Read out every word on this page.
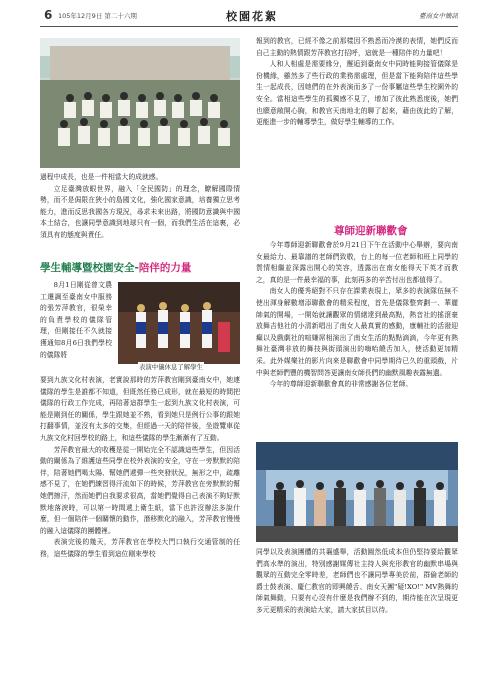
6 105年12月9日 第二十六期	校園花絮	臺南女中簡訊

過程中成長，也是一件相當大的成就感。

立足臺灣放眼世界，融入「全民國防」的理念，瞭解國際情勢，而不是侷限在狹小的島國文化，強化國家意識，培養獨立思考能力，進而反思我國各方現況，尋求未來出路，將國防意識與中國本土結合，也讓同學意識到地球只有一個，而我們生活在這裏，必須具有的態度與責任。

學生輔導暨校園安全-陪伴的力量

8月1日剛從曾文農工遷調至臺南女中服務的張芳萍教官，很榮幸的負責學校的儀隊管理，但剛接任不久就接獲通知8月6日我們學校的儀隊將

表演中儀休息了解學生

要到九族文化村表演，老實說那時的芳萍教官剛到臺南女中，她連儀隊的學生是誰都不知道，但既然任務已成形，就在最短的時間把儀隊的行政工作完成，再陪著這群學生一起到九族文化村表演，可能是剛到任的關係，學生跟她並不熟，看到她只是例行公事的跟她打翻事情，並沒有太多的交集，但經過一天的陪伴後，坐遊覽車從九族文化村回學校的路上，和這些儀隊的學生漸漸有了互動。

芳萍教官最大的收穫是從一開始完全不認識這些學生，但因活動的關係為了維護這些同學在校外表演的安全，守在一旁默默的陪伴，陪著她們喝太陽、幫她們遞彈一些突發狀況，無形之中，疏離感不見了，在她們練習得汗流如下的時候，芳萍教官在旁默默的幫她們擦汗，然而她們自我要求很高，當她們覺得自己表演不夠好默默地落淚時，可以第一時間遞上衛生紙，當下也許沒辦法多說什麼，但一個陪伴一個關懷的動作，潛移默化的融入，芳萍教官慢慢的融入這儀隊的團體裡。

表演完後的幾天，芳萍教官在學校大門口執行交通管制的任務，這些儀隊的學生看到這位剛來學校

報到的教官，已經不像之前那樣因不熟悉而冷漠的表情，她們反而自己主動的熱情跟芳萍教官打招呼，這就是一種陪伴的力量吧！

人和人相處是需要緣分，邂逅到臺南女中同時能夠接管儀隊是份機緣，雖然多了些行政的業務需處理，但是當下能夠陪伴這些學生一起成長，因她們的在外表演而多了一份事屬這些學生校園外的安全。當相這些學生的孤獨感不見了，增加了彼此熟悉度後，她們也願意敞開心胸，和教官天南地北的聊了起來，藉由彼此的了解，更能進一步的輔導學生，做好學生輔導的工作。

尊師迎新聯歡會

今年尊師迎新聯歡會於9月21日下午在活動中心舉辦，要向南女最給力、最靠譜的老師們致敬，台上的每一位老師和班上同學的質情相繼並深露出開心的笑容，透露出在南女能得天下英才而教之，真的是一件最幸福的事，此刻再多的辛苦付出也都值得了。

南女人的優秀絕對不只存在課業表現上，眾多的表演隊伍無不使出渾身解數增添聯歡會的精采程度，首先是儀隊整齊劃一、華麗帥氣的開場，一開始就讓觀眾的情緒達到最高點，熱音社的搖滾豪放舞吉他社的小清新唱出了南女人最真實的感動，康輔社的活潑迎癲以及戲劇社的喧嫌屌相演出了南女生活的點點滴滴，今年更有熱舞社臺灣非放的舞技與街頭演出的嗨咍饒舌加入，使活動更加精采。此外媒樂社的影片向來是聯歡會中同學期待已久的重頭戲，片中與老師們豐的機智問答更讓南女師長們的幽默風趣表露無遺。

今年的尊師迎新聯歡會真的非常感謝各位老師、

同學以及表演團體的共襄盛舉，活動圓然低成本但仍堅持要給觀眾們高水準的演出，特別感謝媒傳社主持人與充形教官的幽默串場與觀眾的互動完全零時差，老師們也不讓同學專美於前，群倫老師的爵士鼓表演、慶仁教官的即興饒舌、南女天團"疑!XO!" MV熱舞的師氣舞動，只要有心沒有什麼是我們辦不到的，期待能在次呈現更多元更精采的表演給大家，請大家拭目以待。
